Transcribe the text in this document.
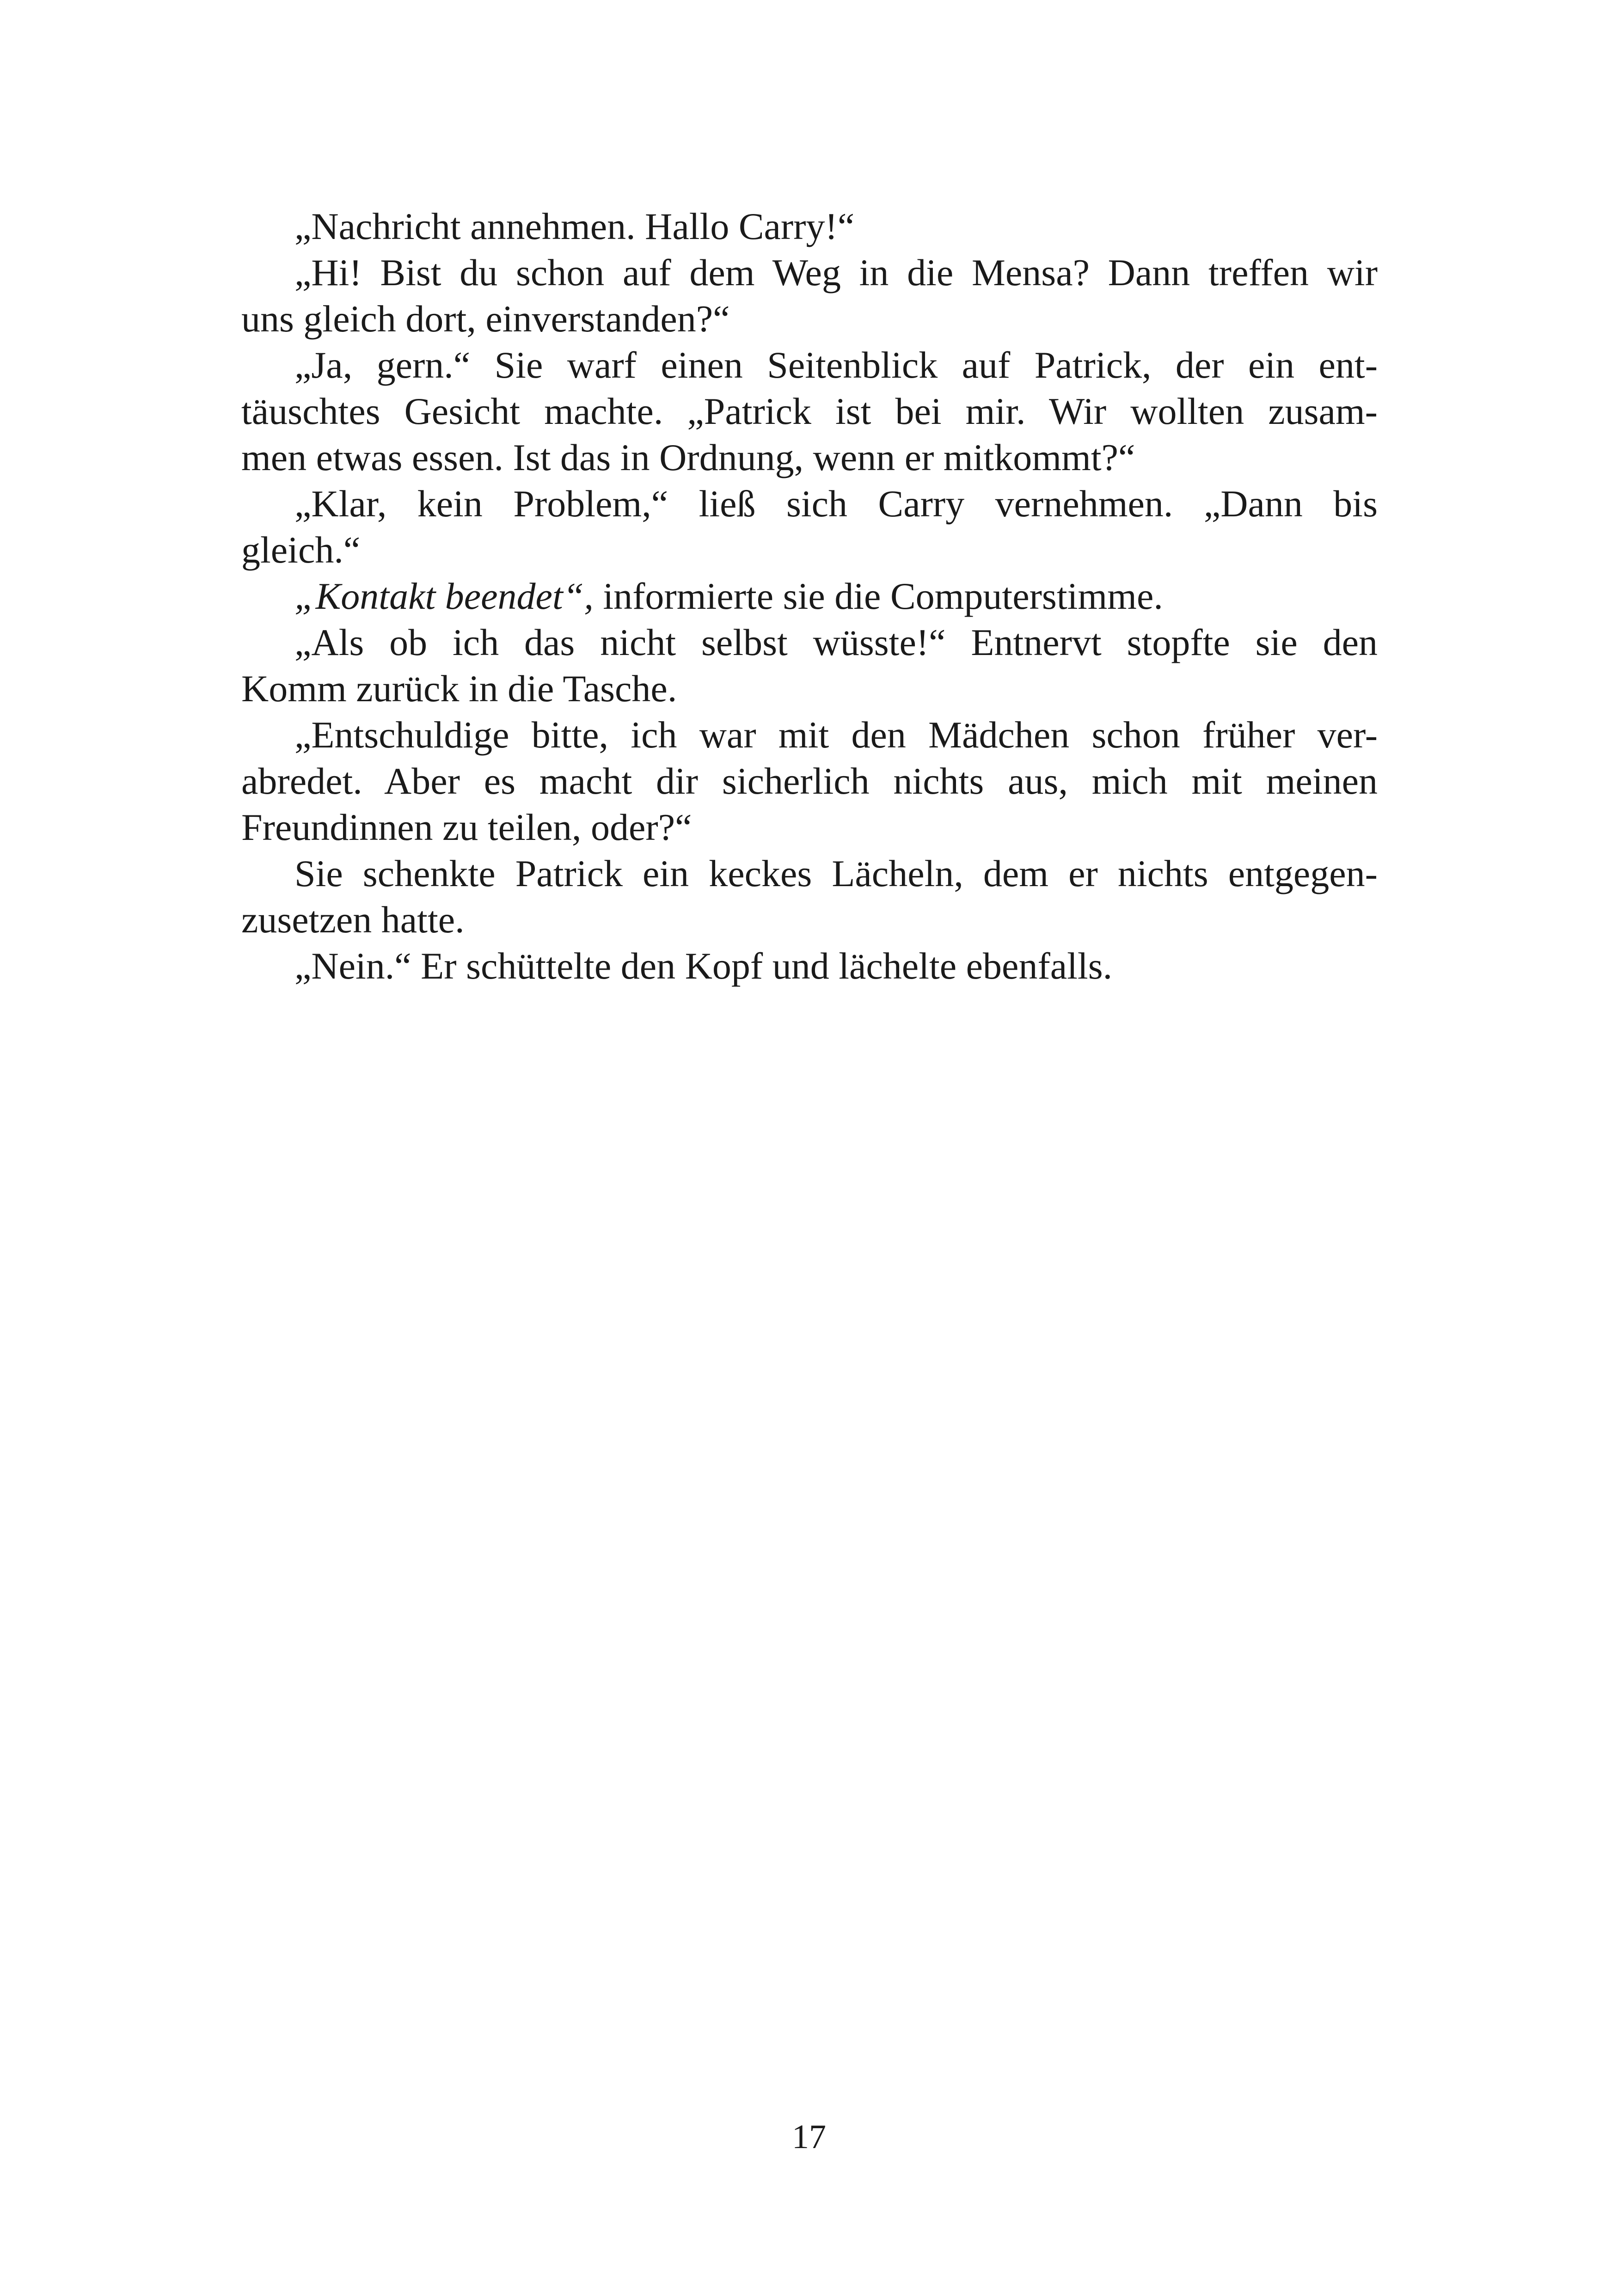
„Nachricht annehmen. Hallo Carry!“
„Hi! Bist du schon auf dem Weg in die Mensa? Dann treffen wir
uns gleich dort, einverstanden?“
„Ja, gern.“ Sie warf einen Seitenblick auf Patrick, der ein ent-
täuschtes Gesicht machte. „Patrick ist bei mir. Wir wollten zusam-
men etwas essen. Ist das in Ordnung, wenn er mitkommt?“
„Klar, kein Problem,“ ließ sich Carry vernehmen. „Dann bis
gleich.“
„Kontakt beendet“, informierte sie die Computerstimme.
„Als ob ich das nicht selbst wüsste!“ Entnervt stopfte sie den
Komm zurück in die Tasche.
„Entschuldige bitte, ich war mit den Mädchen schon früher ver-
abredet. Aber es macht dir sicherlich nichts aus, mich mit meinen
Freundinnen zu teilen, oder?“
Sie schenkte Patrick ein keckes Lächeln, dem er nichts entgegen-
zusetzen hatte.
„Nein.“ Er schüttelte den Kopf und lächelte ebenfalls.
17
